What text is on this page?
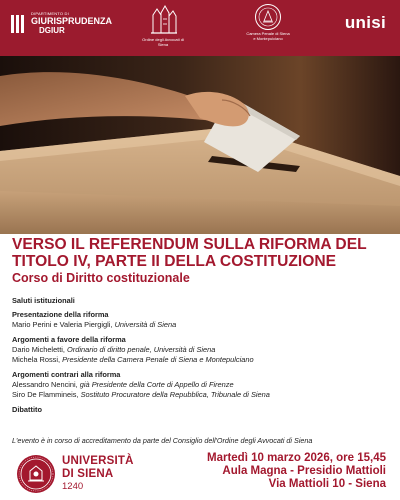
DIPARTIMENTO DI
GIURISPRUDENZA
DGIUR
Ordine degli Avvocati di Siena
Camera Penale di Siena e Montepulciano
unisi
VERSO IL REFERENDUM SULLA RIFORMA DEL
TITOLO IV, PARTE II DELLA COSTITUZIONE
Corso di Diritto costituzionale
Saluti istituzionali
Presentazione della riforma
Mario Perini e Valeria Piergigli, Università di Siena
Argomenti a favore della riforma
Dario Micheletti, Ordinario di diritto penale, Università di Siena
Michela Rossi, Presidente della Camera Penale di Siena e Montepulciano
Argomenti contrari alla riforma
Alessandro Nencini, già Presidente della Corte di Appello di Firenze
Siro De Flammineis, Sostituto Procuratore della Repubblica, Tribunale di Siena
Dibattito
L'evento è in corso di accreditamento da parte del Consiglio dell'Ordine degli Avvocati di Siena
UNIVERSITÀ
DI SIENA
1240
Martedì 10 marzo 2026, ore 15,45
Aula Magna - Presidio Mattioli
Via Mattioli 10 - Siena
